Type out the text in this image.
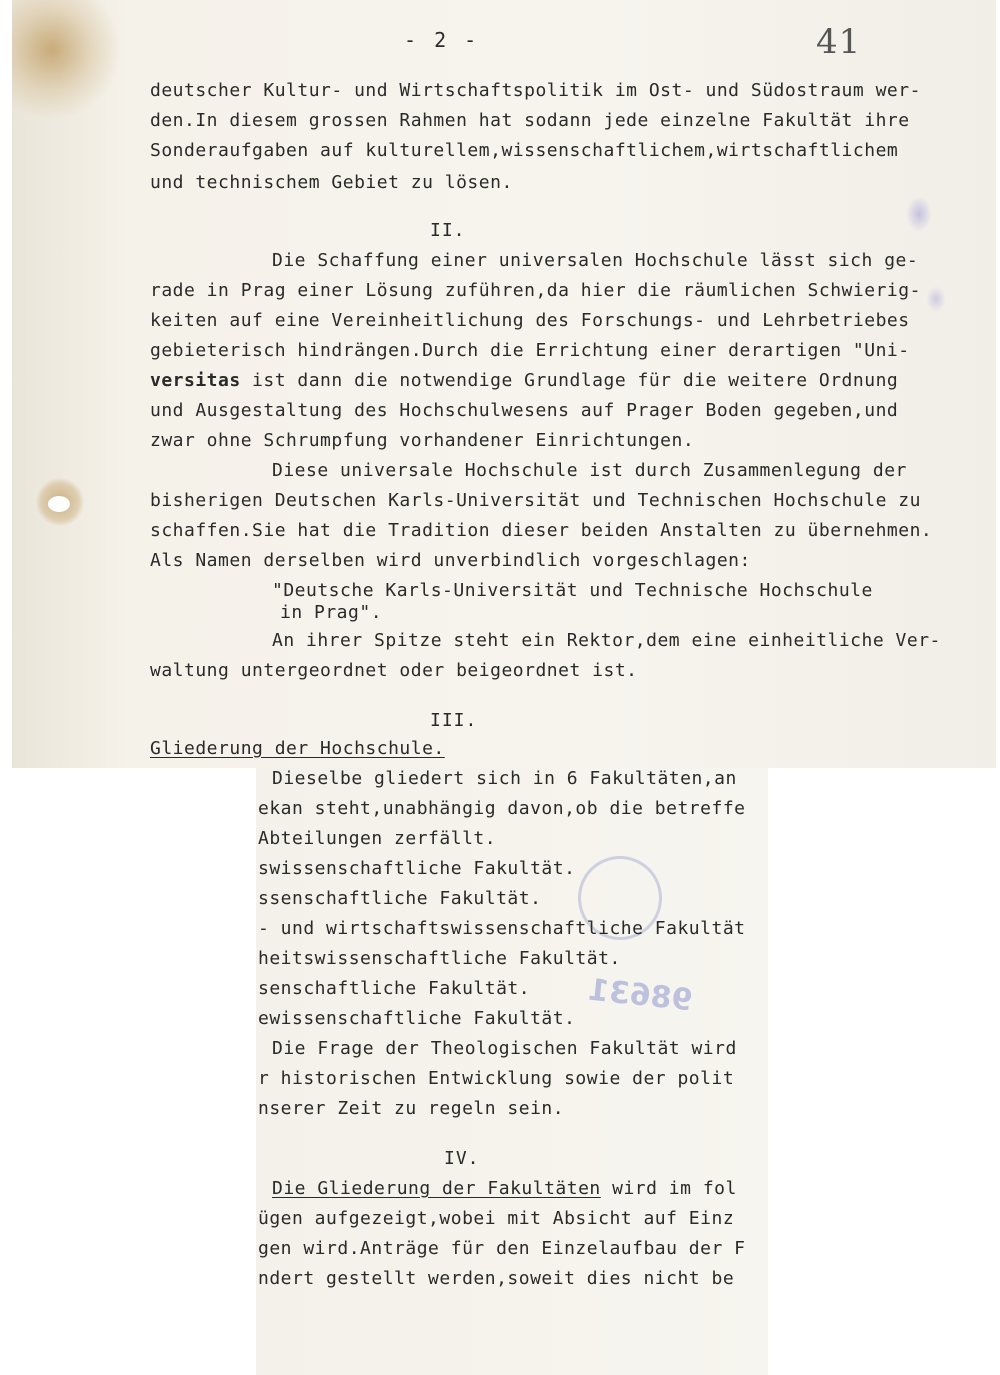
- 2 -	41
98631
deutscher Kultur- und Wirtschaftspolitik im Ost- und Südostraum wer-
den.In diesem grossen Rahmen hat sodann jede einzelne Fakultät ihre
Sonderaufgaben auf kulturellem,wissenschaftlichem,wirtschaftlichem
und technischem Gebiet zu lösen.
II.
Die Schaffung einer universalen Hochschule lässt sich ge-
rade in Prag einer Lösung zuführen,da hier die räumlichen Schwierig-
keiten auf eine Vereinheitlichung des Forschungs- und Lehrbetriebes
gebieterisch hindrängen.Durch die Errichtung einer derartigen "Uni-
versitas ist dann die notwendige Grundlage für die weitere Ordnung
und Ausgestaltung des Hochschulwesens auf Prager Boden gegeben,und
zwar ohne Schrumpfung vorhandener Einrichtungen.
Diese universale Hochschule ist durch Zusammenlegung der
bisherigen Deutschen Karls-Universität und Technischen Hochschule zu
schaffen.Sie hat die Tradition dieser beiden Anstalten zu übernehmen.
Als Namen derselben wird unverbindlich vorgeschlagen:
"Deutsche Karls-Universität und Technische Hochschule
in Prag".
An ihrer Spitze steht ein Rektor,dem eine einheitliche Ver-
waltung untergeordnet oder beigeordnet ist.
III.
Gliederung der Hochschule.
Dieselbe gliedert sich in 6 Fakultäten,an
ekan steht,unabhängig davon,ob die betreffe
Abteilungen zerfällt.
swissenschaftliche Fakultät.
ssenschaftliche Fakultät.
- und wirtschaftswissenschaftliche Fakultät
heitswissenschaftliche Fakultät.
senschaftliche Fakultät.
ewissenschaftliche Fakultät.
Die Frage der Theologischen Fakultät wird
r historischen Entwicklung sowie der polit
nserer Zeit zu regeln sein.
IV.
Die Gliederung der Fakultäten wird im fol
ügen aufgezeigt,wobei mit Absicht auf Einz
gen wird.Anträge für den Einzelaufbau der F
ndert gestellt werden,soweit dies nicht be
